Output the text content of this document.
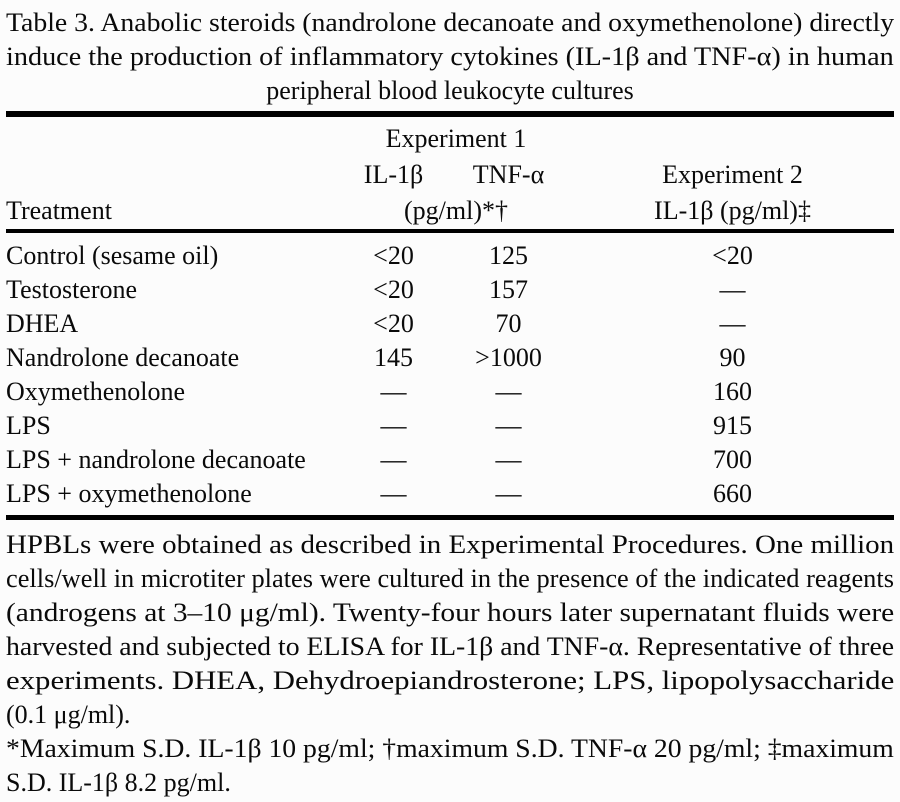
Table 3. Anabolic steroids (nandrolone decanoate and oxymethenolone) directly
induce the production of inflammatory cytokines (IL-1β and TNF-α) in human
peripheral blood leukocyte cultures
	Experiment 1		
	IL-1β	TNF-α	Experiment 2
Treatment	(pg/ml)*†		IL-1β (pg/ml)‡
Control (sesame oil)	<20	125	<20
Testosterone	<20	157	—
DHEA	<20	70	—
Nandrolone decanoate	145	>1000	90
Oxymethenolone	—	—	160
LPS	—	—	915
LPS + nandrolone decanoate	—	—	700
LPS + oxymethenolone	—	—	660
HPBLs were obtained as described in Experimental Procedures. One million
cells/well in microtiter plates were cultured in the presence of the indicated reagents
(androgens at 3–10 μg/ml). Twenty-four hours later supernatant fluids were
harvested and subjected to ELISA for IL-1β and TNF-α. Representative of three
experiments. DHEA, Dehydroepiandrosterone; LPS, lipopolysaccharide
(0.1 μg/ml).
*Maximum S.D. IL-1β 10 pg/ml; †maximum S.D. TNF-α 20 pg/ml; ‡maximum
S.D. IL-1β 8.2 pg/ml.
